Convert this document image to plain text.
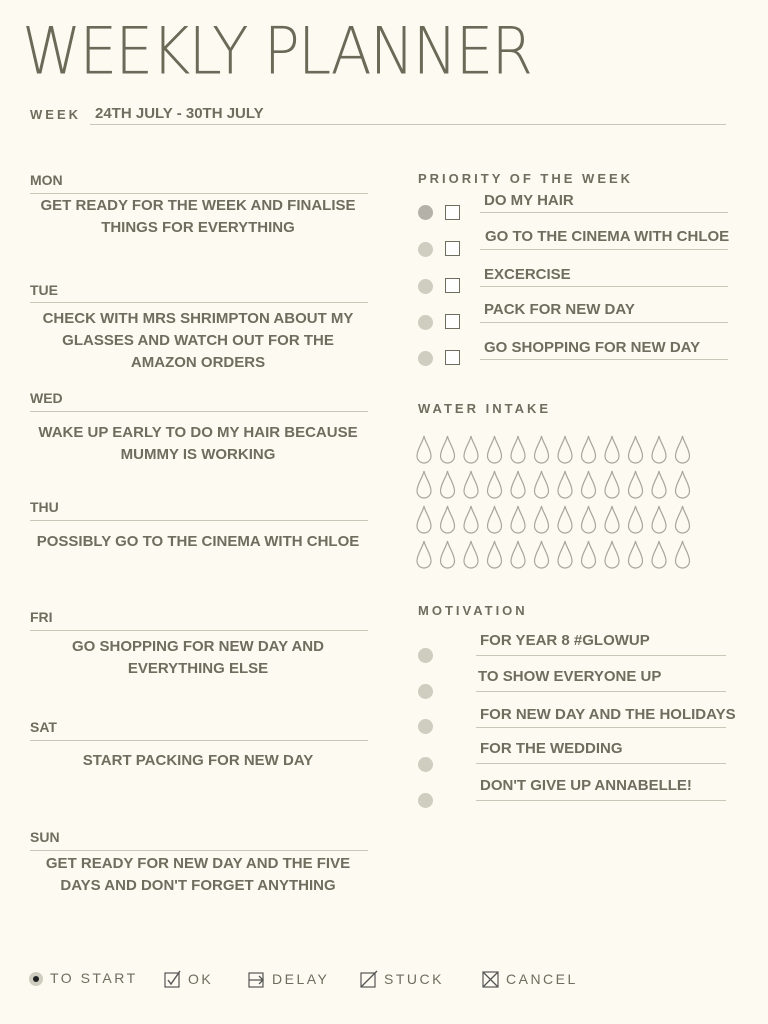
WEEKLY PLANNER
WEEK 24TH JULY - 30TH JULY
MON
GET READY FOR THE WEEK AND FINALISE THINGS FOR EVERYTHING
TUE
CHECK WITH MRS SHRIMPTON ABOUT MY GLASSES AND WATCH OUT FOR THE AMAZON ORDERS
WED
WAKE UP EARLY TO DO MY HAIR BECAUSE MUMMY IS WORKING
THU
POSSIBLY GO TO THE CINEMA WITH CHLOE
FRI
GO SHOPPING FOR NEW DAY AND EVERYTHING ELSE
SAT
START PACKING FOR NEW DAY
SUN
GET READY FOR NEW DAY AND THE FIVE DAYS AND DON'T FORGET ANYTHING
PRIORITY OF THE WEEK
DO MY HAIR
GO TO THE CINEMA WITH CHLOE
EXCERCISE
PACK FOR NEW DAY
GO SHOPPING FOR NEW DAY
WATER INTAKE
MOTIVATION
FOR YEAR 8 #GLOWUP
TO SHOW EVERYONE UP
FOR NEW DAY AND THE HOLIDAYS
FOR THE WEDDING
DON'T GIVE UP ANNABELLE!
TO START	OK	DELAY	STUCK	CANCEL
